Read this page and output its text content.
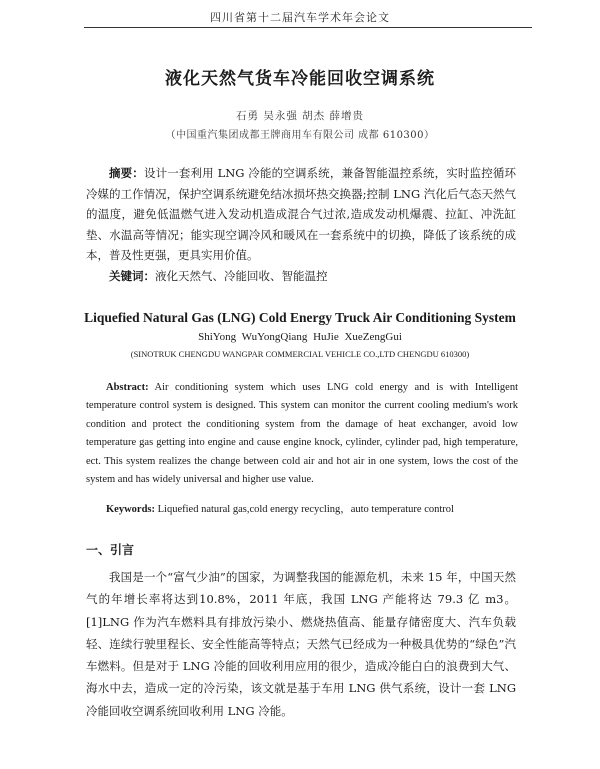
四川省第十二届汽车学术年会论文
液化天然气货车冷能回收空调系统
石勇 吴永强 胡杰 薛增贵
（中国重汽集团成都王牌商用车有限公司 成都 610300）

摘要：设计一套利用 LNG 冷能的空调系统，兼备智能温控系统，实时监控循环冷媒的工作情况，保护空调系统避免结冰损坏热交换器;控制 LNG 汽化后气态天然气的温度，避免低温燃气进入发动机造成混合气过浓,造成发动机爆震、拉缸、冲洗缸垫、水温高等情况；能实现空调冷风和暖风在一套系统中的切换，降低了该系统的成本，普及性更强，更具实用价值。

关键词：液化天然气、冷能回收、智能温控
Liquefied Natural Gas (LNG) Cold Energy Truck Air Conditioning System
ShiYong WuYongQiang HuJie XueZengGui
(SINOTRUK CHENGDU WANGPAR COMMERCIAL VEHICLE CO.,LTD CHENGDU 610300)

Abstract: Air conditioning system which uses LNG cold energy and is with Intelligent temperature control system is designed. This system can monitor the current cooling medium's work condition and protect the conditioning system from the damage of heat exchanger, avoid low temperature gas getting into engine and cause engine knock, cylinder, cylinder pad, high temperature, ect. This system realizes the change between cold air and hot air in one system, lows the cost of the system and has widely universal and higher use value.

Keywords: Liquefied natural gas,cold energy recycling，auto temperature control
一、引言

我国是一个“富气少油”的国家，为调整我国的能源危机，未来 15 年，中国天然气的年增长率将达到10.8%，2011 年底，我国 LNG 产能将达 79.3 亿 m3。[1]LNG 作为汽车燃料具有排放污染小、燃烧热值高、能量存储密度大、汽车负载轻、连续行驶里程长、安全性能高等特点；天然气已经成为一种极具优势的“绿色”汽车燃料。但是对于 LNG 冷能的回收利用应用的很少，造成冷能白白的浪费到大气、海水中去，造成一定的冷污染，该文就是基于车用 LNG 供气系统，设计一套 LNG 冷能回收空调系统回收利用 LNG 冷能。
